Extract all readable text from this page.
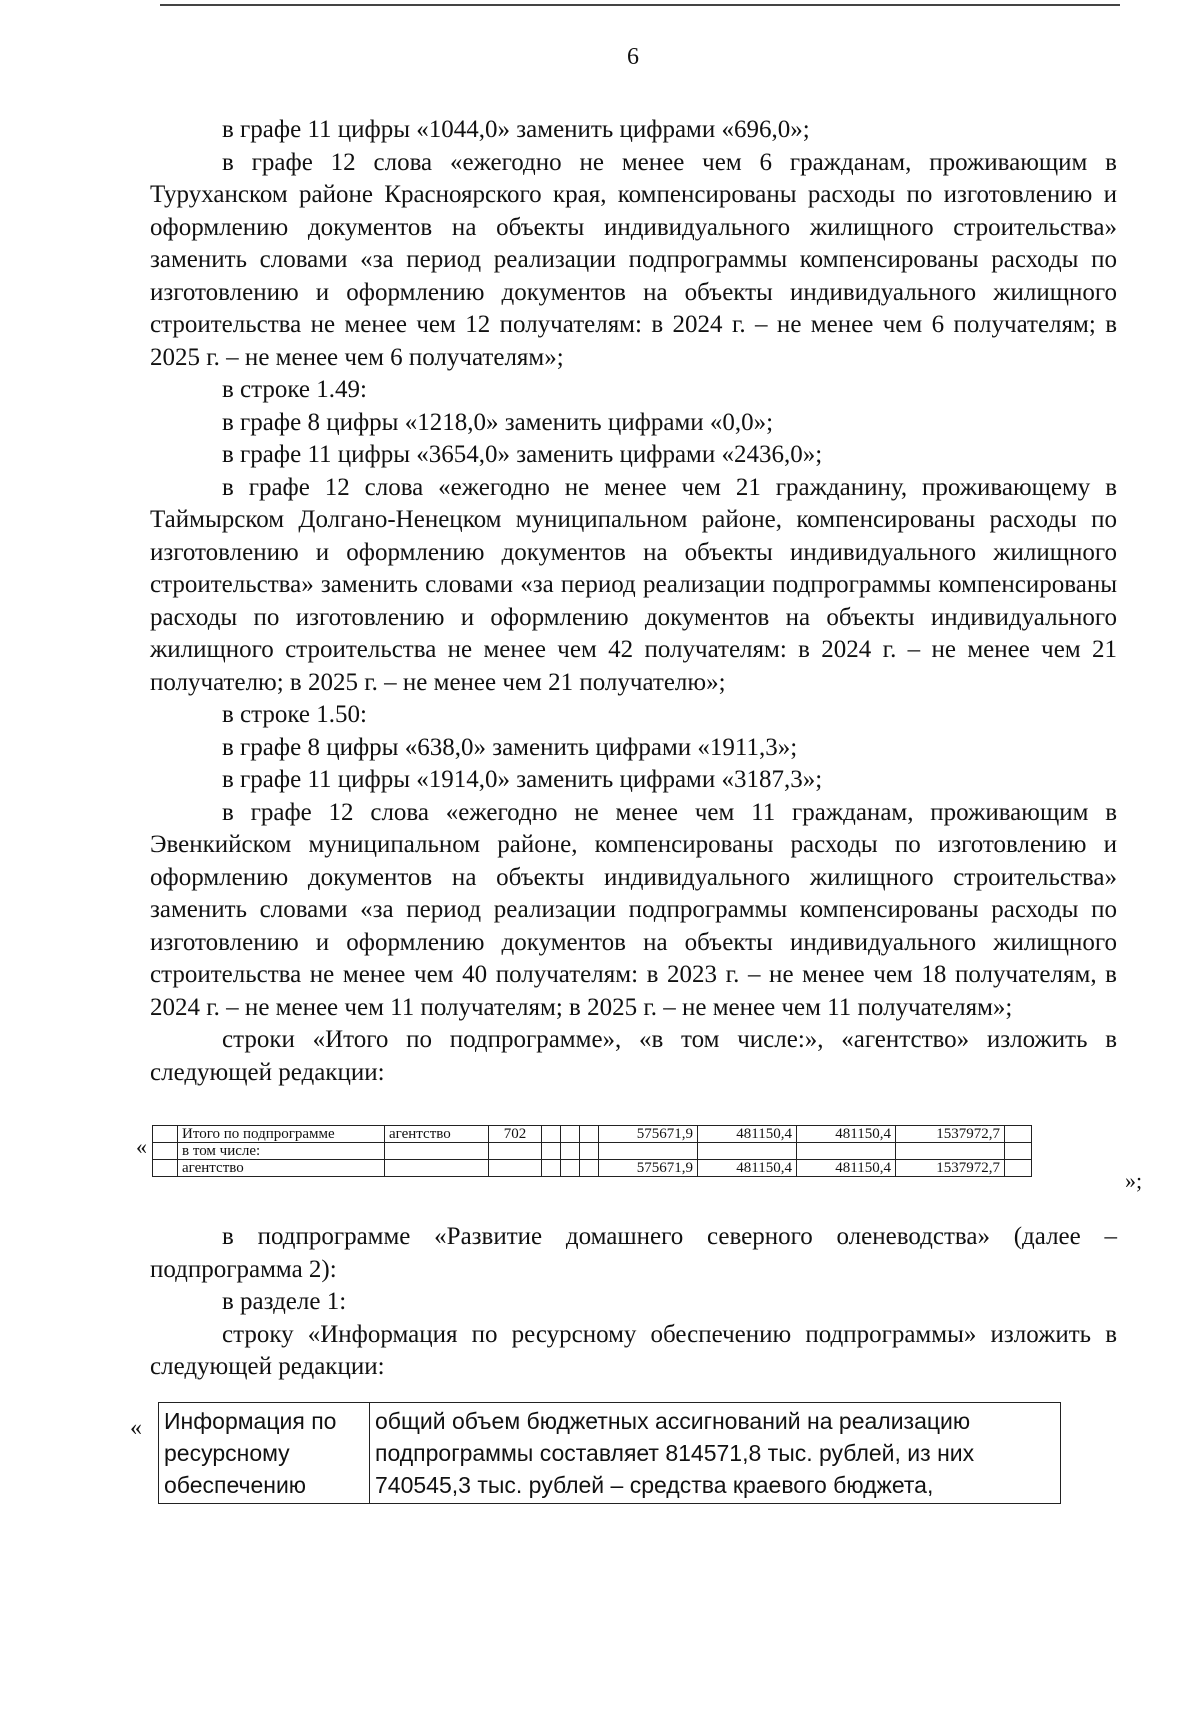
6

в графе 11 цифры «1044,0» заменить цифрами «696,0»;

в графе 12 слова «ежегодно не менее чем 6 гражданам, проживающим в Туруханском районе Красноярского края, компенсированы расходы по изготовлению и оформлению документов на объекты индивидуального жилищного строительства» заменить словами «за период реализации подпрограммы компенсированы расходы по изготовлению и оформлению документов на объекты индивидуального жилищного строительства не менее чем 12 получателям: в 2024 г. – не менее чем 6 получателям; в 2025 г. – не менее чем 6 получателям»;

в строке 1.49:

в графе 8 цифры «1218,0» заменить цифрами «0,0»;

в графе 11 цифры «3654,0» заменить цифрами «2436,0»;

в графе 12 слова «ежегодно не менее чем 21 гражданину, проживающему в Таймырском Долгано-Ненецком муниципальном районе, компенсированы расходы по изготовлению и оформлению документов на объекты индивидуального жилищного строительства» заменить словами «за период реализации подпрограммы компенсированы расходы по изготовлению и оформлению документов на объекты индивидуального жилищного строительства не менее чем 42 получателям: в 2024 г. – не менее чем 21 получателю; в 2025 г. – не менее чем 21 получателю»;

в строке 1.50:

в графе 8 цифры «638,0» заменить цифрами «1911,3»;

в графе 11 цифры «1914,0» заменить цифрами «3187,3»;

в графе 12 слова «ежегодно не менее чем 11 гражданам, проживающим в Эвенкийском муниципальном районе, компенсированы расходы по изготовлению и оформлению документов на объекты индивидуального жилищного строительства» заменить словами «за период реализации подпрограммы компенсированы расходы по изготовлению и оформлению документов на объекты индивидуального жилищного строительства не менее чем 40 получателям: в 2023 г. – не менее чем 18 получателям, в 2024 г. – не менее чем 11 получателям; в 2025 г. – не менее чем 11 получателям»;

строки «Итого по подпрограмме», «в том числе:», «агентство» изложить в следующей редакции:

«
	Итого по подпрограмме	агентство	702				575671,9	481150,4	481150,4	1537972,7	
	в том числе:										
	агентство						575671,9	481150,4	481150,4	1537972,7		»;

в подпрограмме «Развитие домашнего северного оленеводства» (далее – подпрограмма 2):

в разделе 1:

строку «Информация по ресурсному обеспечению подпрограммы» изложить в следующей редакции:

« Информация по ресурсному обеспечению	общий объем бюджетных ассигнований на реализацию подпрограммы составляет 814571,8 тыс. рублей, из них 740545,3 тыс. рублей – средства краевого бюджета,
